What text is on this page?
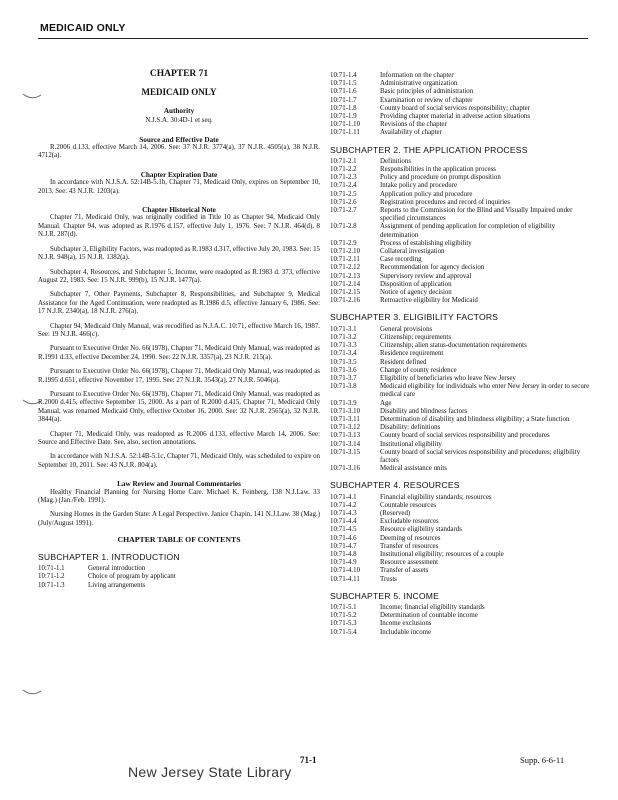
MEDICAID ONLY
CHAPTER 71
MEDICAID ONLY
Authority
N.J.S.A. 30:4D-1 et seq.
Source and Effective Date
R.2006 d.133, effective March 14, 2006. See: 37 N.J.R. 3774(a), 37 N.J.R. 4505(a), 38 N.J.R. 4712(a).
Chapter Expiration Date
In accordance with N.J.S.A. 52:14B-5.1b, Chapter 71, Medicaid Only, expires on September 10, 2013. See: 43 N.J.R. 1203(a).
Chapter Historical Note
Chapter 71, Medicaid Only, was originally codified in Title 10 as Chapter 94, Medicaid Only Manual. Chapter 94, was adopted as R.1976 d.157, effective July 1, 1976. See: 7 N.J.R. 464(d), 8 N.J.R. 287(d).
Subchapter 3, Eligibility Factors, was readopted as R.1983 d.317, effective July 20, 1983. See: 15 N.J.R. 948(a), 15 N.J.R. 1382(a).
Subchapter 4, Resources, and Subchapter 5, Income, were readopted as R.1983 d. 373, effective August 22, 1983. See: 15 N.J.R. 999(b), 15 N.J.R. 1477(a).
Subchapter 7, Other Payments, Subchapter 8, Responsibilities, and Subchapter 9, Medical Assistance for the Aged Continuation, were readopted as R.1986 d.5, effective January 6, 1986. See: 17 N.J.R. 2340(a), 18 N.J.R. 276(a).
Chapter 94, Medicaid Only Manual, was recodified as N.J.A.C. 10:71, effective March 16, 1987. See: 19 N.J.R. 466(c).
Pursuant to Executive Order No. 66(1978), Chapter 71, Medicaid Only Manual, was readopted as R.1991 d.33, effective December 24, 1990. See: 22 N.J.R. 3357(a), 23 N.J.R. 215(a).
Pursuant to Executive Order No. 66(1978), Chapter 71, Medicaid Only Manual, was readopted as R.1995 d.651, effective November 17, 1995. See: 27 N.J.R. 3543(a), 27 N.J.R. 5046(a).
Pursuant to Executive Order No. 66(1978), Chapter 71, Medicaid Only Manual, was readopted as R.2000 d.415, effective September 15, 2000. As a part of R.2000 d.415, Chapter 71, Medicaid Only Manual, was renamed Medicaid Only, effective October 16, 2000. See: 32 N.J.R. 2565(a), 32 N.J.R. 3844(a).
Chapter 71, Medicaid Only, was readopted as R.2006 d.133, effective March 14, 2006. See: Source and Effective Date. See, also, section annotations.
In accordance with N.J.S.A. 52:14B-5.1c, Chapter 71, Medicaid Only, was scheduled to expire on September 10, 2011. See: 43 N.J.R. 804(a).
Law Review and Journal Commentaries
Healthy Financial Planning for Nursing Home Care. Michael K. Feinberg, 138 N.J.Law. 33 (Mag.) (Jan./Feb. 1991).
Nursing Homes in the Garden State: A Legal Perspective. Janice Chapin, 141 N.J.Law. 38 (Mag.) (July/August 1991).
CHAPTER TABLE OF CONTENTS
SUBCHAPTER 1. INTRODUCTION
10:71-1.1	General introduction
10:71-1.2	Choice of program by applicant
10:71-1.3	Living arrangements
10:71-1.4	Information on the chapter
10:71-1.5	Administrative organization
10:71-1.6	Basic principles of administration
10:71-1.7	Examination or review of chapter
10:71-1.8	County board of social services responsibility; chapter
10:71-1.9	Providing chapter material in adverse action situations
10:71-1.10	Revisions of the chapter
10:71-1.11	Availability of chapter
SUBCHAPTER 2. THE APPLICATION PROCESS
10:71-2.1	Definitions
10:71-2.2	Responsibilities in the application process
10:71-2.3	Policy and procedure on prompt disposition
10:71-2.4	Intake policy and procedure
10:71-2.5	Application policy and procedure
10:71-2.6	Registration procedures and record of inquiries
10:71-2.7	Reports to the Commission for the Blind and Visually Impaired under specified circumstances
10:71-2.8	Assignment of pending application for completion of eligibility determination
10:71-2.9	Process of establishing eligibility
10:71-2.10	Collateral investigation
10:71-2.11	Case recording
10:71-2.12	Recommendation for agency decision
10:71-2.13	Supervisory review and approval
10:71-2.14	Disposition of application
10:71-2.15	Notice of agency decision
10:71-2.16	Retroactive eligibility for Medicaid
SUBCHAPTER 3. ELIGIBILITY FACTORS
10:71-3.1	General provisions
10:71-3.2	Citizenship; requirements
10:71-3.3	Citizenship; alien status-documentation requirements
10:71-3.4	Residence requirement
10:71-3.5	Resident defined
10:71-3.6	Change of county residence
10:71-3.7	Eligibility of beneficiaries who leave New Jersey
10:71-3.8	Medicaid eligibility for individuals who enter New Jersey in order to secure medical care
10:71-3.9	Age
10:71-3.10	Disability and blindness factors
10:71-3.11	Determination of disability and blindness eligibility; a State function
10:71-3.12	Disability: definitions
10:71-3.13	County board of social services responsibility and procedures
10:71-3.14	Institutional eligibility
10:71-3.15	County board of social services responsibility and procedures; eligibility factors
10:71-3.16	Medical assistance units
SUBCHAPTER 4. RESOURCES
10:71-4.1	Financial eligibility standards; resources
10:71-4.2	Countable resources
10:71-4.3	(Reserved)
10:71-4.4	Excludable resources
10:71-4.5	Resource eligibility standards
10:71-4.6	Deeming of resources
10:71-4.7	Transfer of resources
10:71-4.8	Institutional eligibility; resources of a couple
10:71-4.9	Resource assessment
10:71-4.10	Transfer of assets
10:71-4.11	Trusts
SUBCHAPTER 5. INCOME
10:71-5.1	Income; financial eligibility standards
10:71-5.2	Determination of countable income
10:71-5.3	Income exclusions
10:71-5.4	Includable income
71-1	Supp. 6-6-11
New Jersey State Library
